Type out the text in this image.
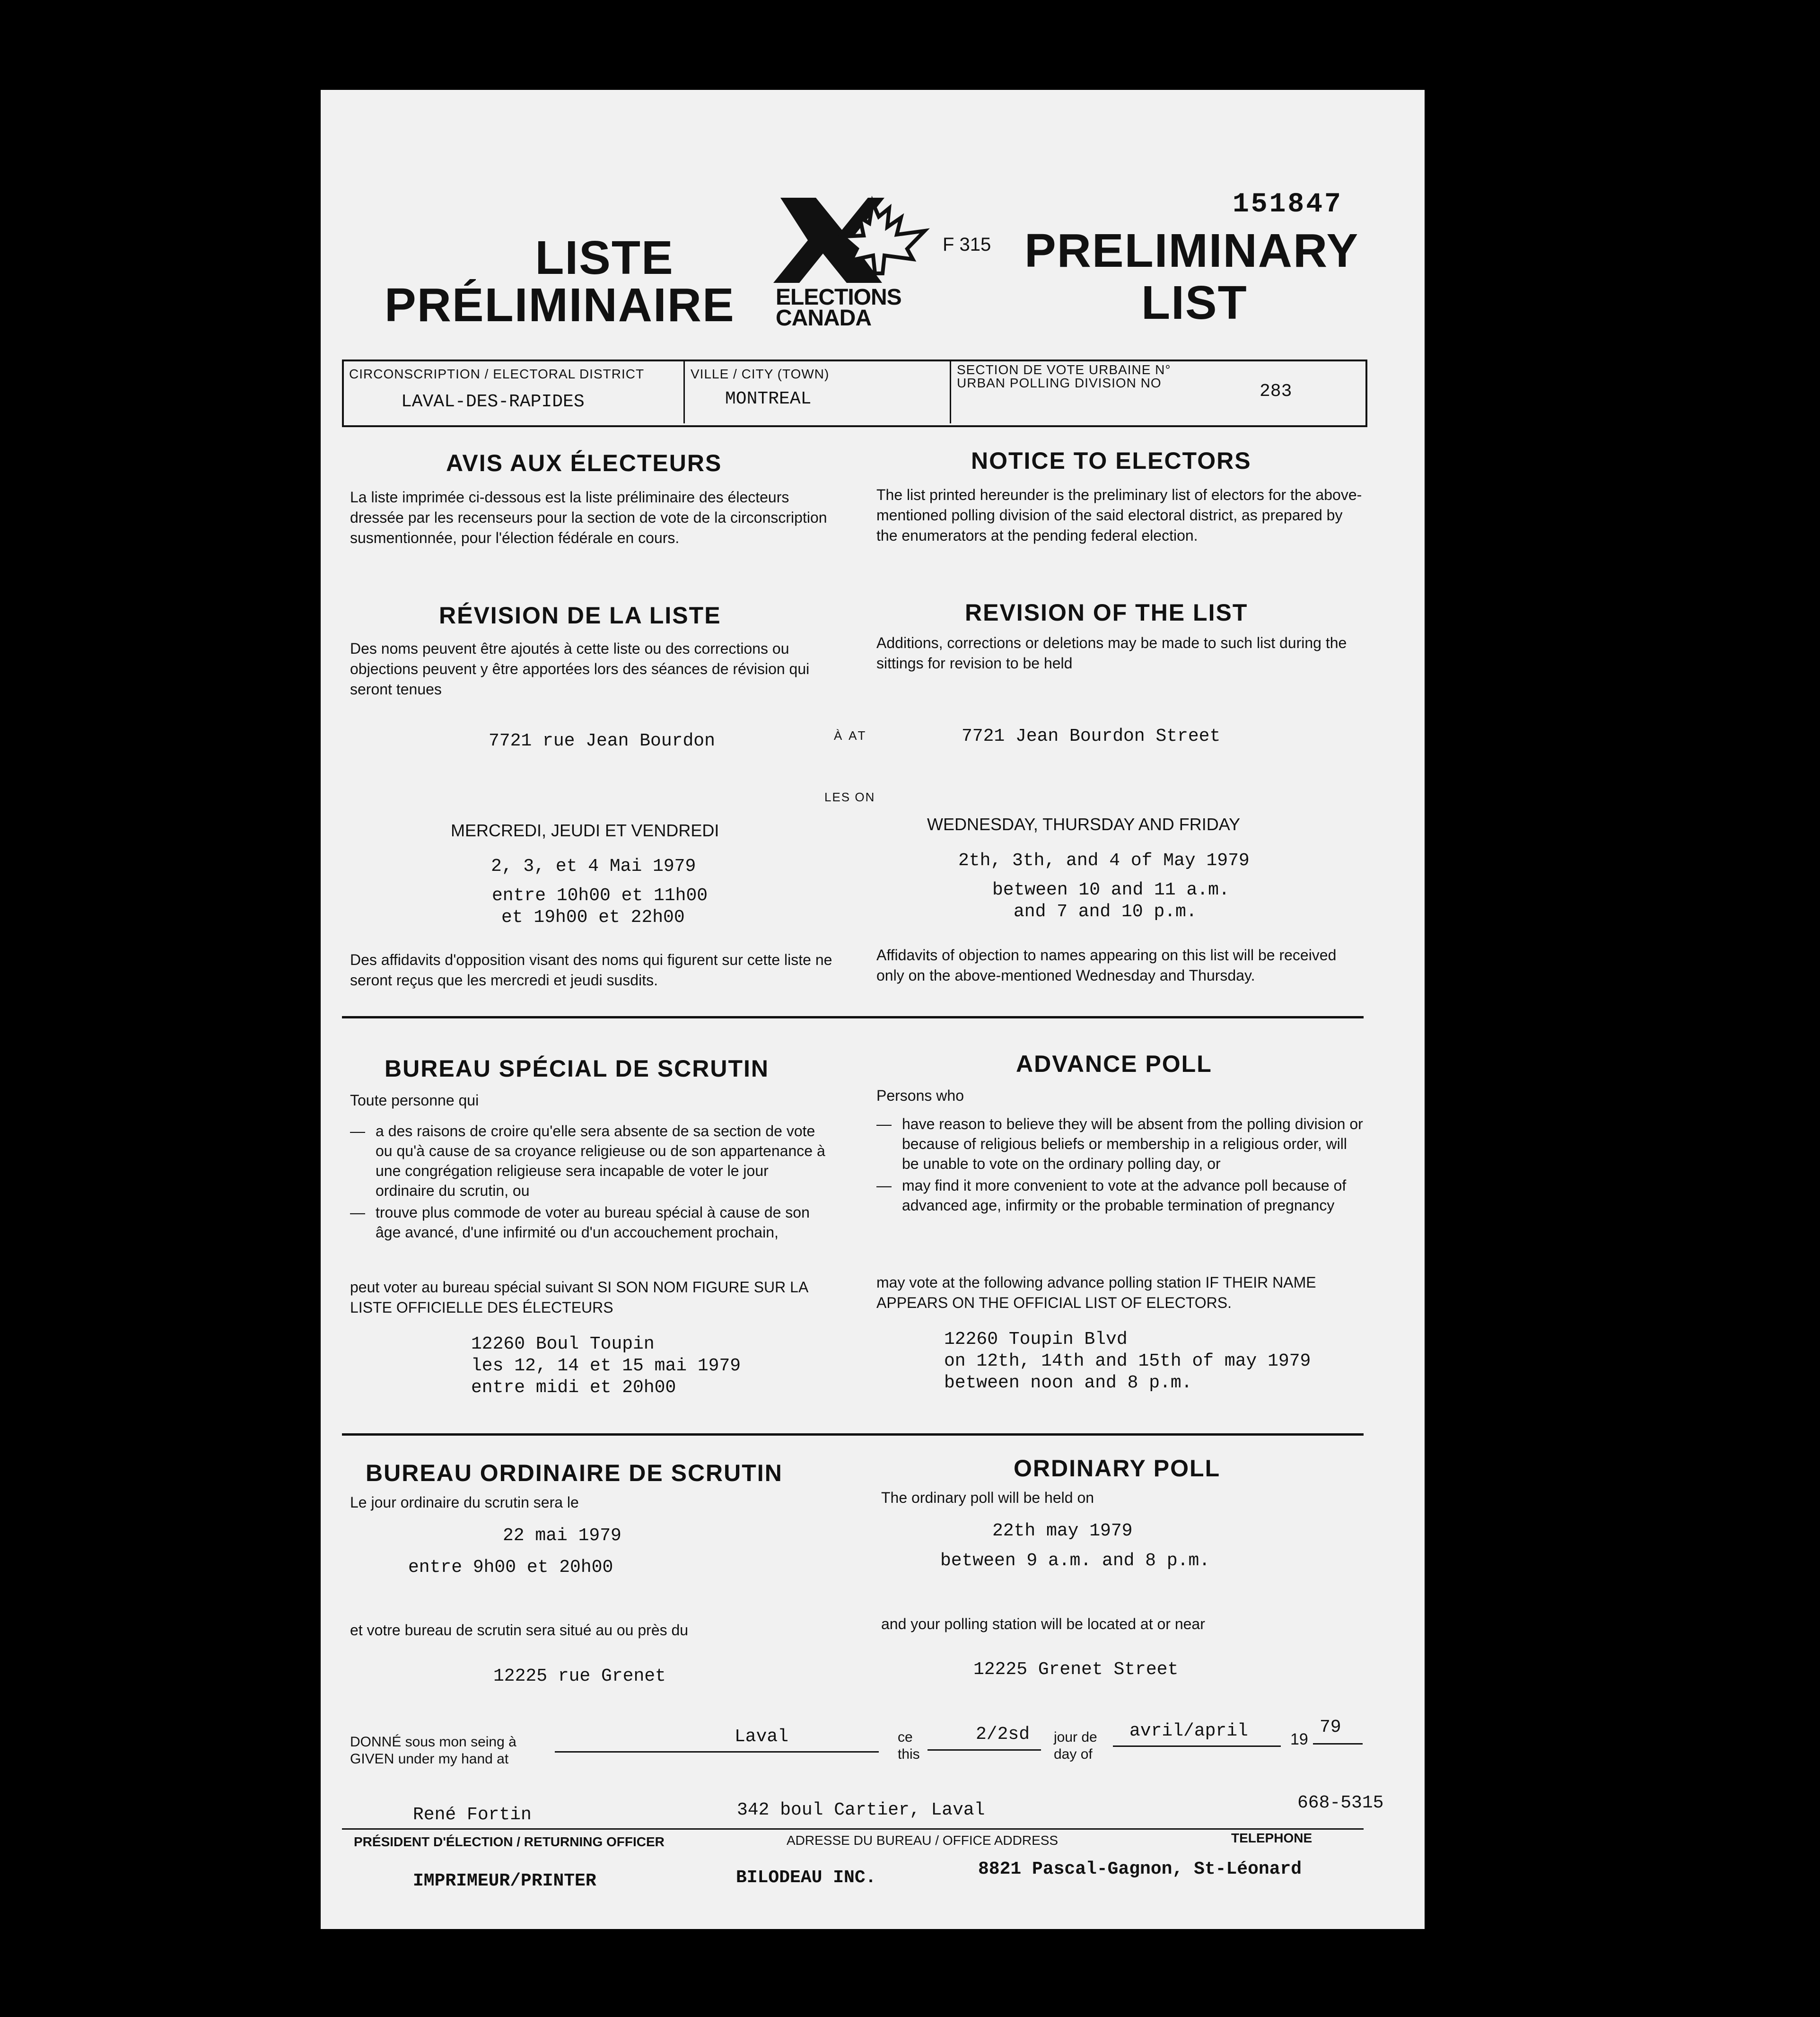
151847
LISTE
PRÉLIMINAIRE ELECTIONS
CANADA
F 315 PRELIMINARY
LIST
CIRCONSCRIPTION / ELECTORAL DISTRICT
LAVAL-DES-RAPIDES
VILLE / CITY (TOWN)
MONTREAL
SECTION DE VOTE URBAINE N°
URBAN POLLING DIVISION NO	283
AVIS AUX ÉLECTEURS
La liste imprimée ci-dessous est la liste préliminaire des électeurs dressée par les recenseurs pour la section de vote de la circonscription susmentionnée, pour l'élection fédérale en cours.
NOTICE TO ELECTORS
The list printed hereunder is the preliminary list of electors for the above-mentioned polling division of the said electoral district, as prepared by the enumerators at the pending federal election.
RÉVISION DE LA LISTE
Des noms peuvent être ajoutés à cette liste ou des corrections ou objections peuvent y être apportées lors des séances de révision qui seront tenues
REVISION OF THE LIST
Additions, corrections or deletions may be made to such list during the sittings for revision to be held
7721 rue Jean Bourdon	À AT	7721 Jean Bourdon Street
LES ON
MERCREDI, JEUDI ET VENDREDI	WEDNESDAY, THURSDAY AND FRIDAY
2, 3, et 4 Mai 1979	2th, 3th, and 4 of May 1979
entre 10h00 et 11h00
et 19h00 et 22h00
between 10 and 11 a.m.
and 7 and 10 p.m.
Des affidavits d'opposition visant des noms qui figurent sur cette liste ne seront reçus que les mercredi et jeudi susdits.
Affidavits of objection to names appearing on this list will be received only on the above-mentioned Wednesday and Thursday.
BUREAU SPÉCIAL DE SCRUTIN
Toute personne qui
— a des raisons de croire qu'elle sera absente de sa section de vote ou qu'à cause de sa croyance religieuse ou de son appartenance à une congrégation religieuse sera incapable de voter le jour ordinaire du scrutin, ou
— trouve plus commode de voter au bureau spécial à cause de son âge avancé, d'une infirmité ou d'un accouchement prochain,
peut voter au bureau spécial suivant SI SON NOM FIGURE SUR LA LISTE OFFICIELLE DES ÉLECTEURS
12260 Boul Toupin
les 12, 14 et 15 mai 1979
entre midi et 20h00
ADVANCE POLL
Persons who
— have reason to believe they will be absent from the polling division or because of religious beliefs or membership in a religious order, will be unable to vote on the ordinary polling day, or
— may find it more convenient to vote at the advance poll because of advanced age, infirmity or the probable termination of pregnancy
may vote at the following advance polling station IF THEIR NAME APPEARS ON THE OFFICIAL LIST OF ELECTORS.
12260 Toupin Blvd
on 12th, 14th and 15th of may 1979
between noon and 8 p.m.
BUREAU ORDINAIRE DE SCRUTIN
Le jour ordinaire du scrutin sera le
22 mai 1979
entre 9h00 et 20h00
ORDINARY POLL
The ordinary poll will be held on
22th may 1979
between 9 a.m. and 8 p.m.
et votre bureau de scrutin sera situé au ou près du	and your polling station will be located at or near
12225 rue Grenet	12225 Grenet Street
DONNÉ sous mon seing à
GIVEN under my hand at
Laval	ce
this
2/2sd jour de
day of
avril/april	19
79
René Fortin	342 boul Cartier, Laval	668-5315
PRÉSIDENT D'ÉLECTION / RETURNING OFFICER	ADRESSE DU BUREAU / OFFICE ADDRESS	TELEPHONE
IMPRIMEUR/PRINTER	BILODEAU INC.	8821 Pascal-Gagnon, St-Léonard
